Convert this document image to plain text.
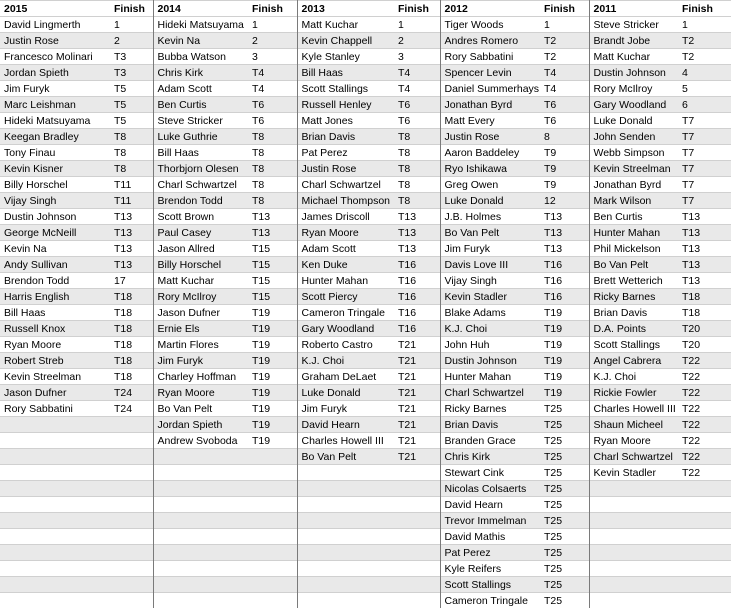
2015	Finish	2014	Finish	2013	Finish	2012	Finish	2011	Finish
David Lingmerth	1	Hideki Matsuyama	1	Matt Kuchar	1	Tiger Woods	1	Steve Stricker	1
Justin Rose	2	Kevin Na	2	Kevin Chappell	2	Andres Romero	T2	Brandt Jobe	T2
Francesco Molinari	T3	Bubba Watson	3	Kyle Stanley	3	Rory Sabbatini	T2	Matt Kuchar	T2
Jordan Spieth	T3	Chris Kirk	T4	Bill Haas	T4	Spencer Levin	T4	Dustin Johnson	4
Jim Furyk	T5	Adam Scott	T4	Scott Stallings	T4	Daniel Summerhays	T4	Rory McIlroy	5
Marc Leishman	T5	Ben Curtis	T6	Russell Henley	T6	Jonathan Byrd	T6	Gary Woodland	6
Hideki Matsuyama	T5	Steve Stricker	T6	Matt Jones	T6	Matt Every	T6	Luke Donald	T7
Keegan Bradley	T8	Luke Guthrie	T8	Brian Davis	T8	Justin Rose	8	John Senden	T7
Tony Finau	T8	Bill Haas	T8	Pat Perez	T8	Aaron Baddeley	T9	Webb Simpson	T7
Kevin Kisner	T8	Thorbjorn Olesen	T8	Justin Rose	T8	Ryo Ishikawa	T9	Kevin Streelman	T7
Billy Horschel	T11	Charl Schwartzel	T8	Charl Schwartzel	T8	Greg Owen	T9	Jonathan Byrd	T7
Vijay Singh	T11	Brendon Todd	T8	Michael Thompson	T8	Luke Donald	12	Mark Wilson	T7
Dustin Johnson	T13	Scott Brown	T13	James Driscoll	T13	J.B. Holmes	T13	Ben Curtis	T13
George McNeill	T13	Paul Casey	T13	Ryan Moore	T13	Bo Van Pelt	T13	Hunter Mahan	T13
Kevin Na	T13	Jason Allred	T15	Adam Scott	T13	Jim Furyk	T13	Phil Mickelson	T13
Andy Sullivan	T13	Billy Horschel	T15	Ken Duke	T16	Davis Love III	T16	Bo Van Pelt	T13
Brendon Todd	17	Matt Kuchar	T15	Hunter Mahan	T16	Vijay Singh	T16	Brett Wetterich	T13
Harris English	T18	Rory McIlroy	T15	Scott Piercy	T16	Kevin Stadler	T16	Ricky Barnes	T18
Bill Haas	T18	Jason Dufner	T19	Cameron Tringale	T16	Blake Adams	T19	Brian Davis	T18
Russell Knox	T18	Ernie Els	T19	Gary Woodland	T16	K.J. Choi	T19	D.A. Points	T20
Ryan Moore	T18	Martin Flores	T19	Roberto Castro	T21	John Huh	T19	Scott Stallings	T20
Robert Streb	T18	Jim Furyk	T19	K.J. Choi	T21	Dustin Johnson	T19	Angel Cabrera	T22
Kevin Streelman	T18	Charley Hoffman	T19	Graham DeLaet	T21	Hunter Mahan	T19	K.J. Choi	T22
Jason Dufner	T24	Ryan Moore	T19	Luke Donald	T21	Charl Schwartzel	T19	Rickie Fowler	T22
Rory Sabbatini	T24	Bo Van Pelt	T19	Jim Furyk	T21	Ricky Barnes	T25	Charles Howell III	T22
		Jordan Spieth	T19	David Hearn	T21	Brian Davis	T25	Shaun Micheel	T22
		Andrew Svoboda	T19	Charles Howell III	T21	Branden Grace	T25	Ryan Moore	T22
				Bo Van Pelt	T21	Chris Kirk	T25	Charl Schwartzel	T22
						Stewart Cink	T25	Kevin Stadler	T22
						Nicolas Colsaerts	T25		
						David Hearn	T25		
						Trevor Immelman	T25		
						David Mathis	T25		
						Pat Perez	T25		
						Kyle Reifers	T25		
						Scott Stallings	T25		
						Cameron Tringale	T25		
